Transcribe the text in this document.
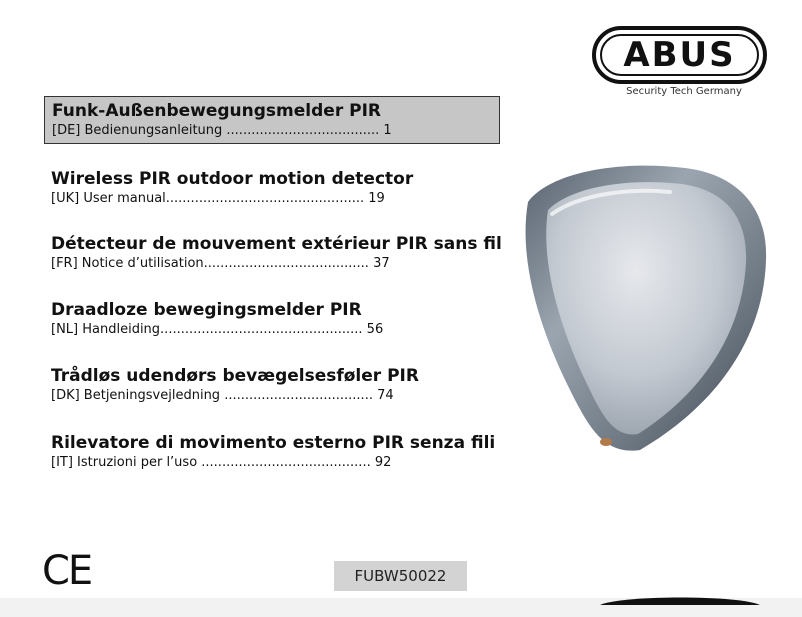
ABUS
Security Tech Germany
Funk-Außenbewegungsmelder PIR
[DE] Bedienungsanleitung ..................................... 1
Wireless PIR outdoor motion detector
[UK] User manual................................................ 19
Détecteur de mouvement extérieur PIR sans fil
[FR] Notice d’utilisation........................................ 37
Draadloze bewegingsmelder PIR
[NL] Handleiding................................................. 56
Trådløs udendørs bevægelsesføler PIR
[DK] Betjeningsvejledning .................................... 74
Rilevatore di movimento esterno PIR senza fili
[IT] Istruzioni per l’uso ......................................... 92
CE	FUBW50022
